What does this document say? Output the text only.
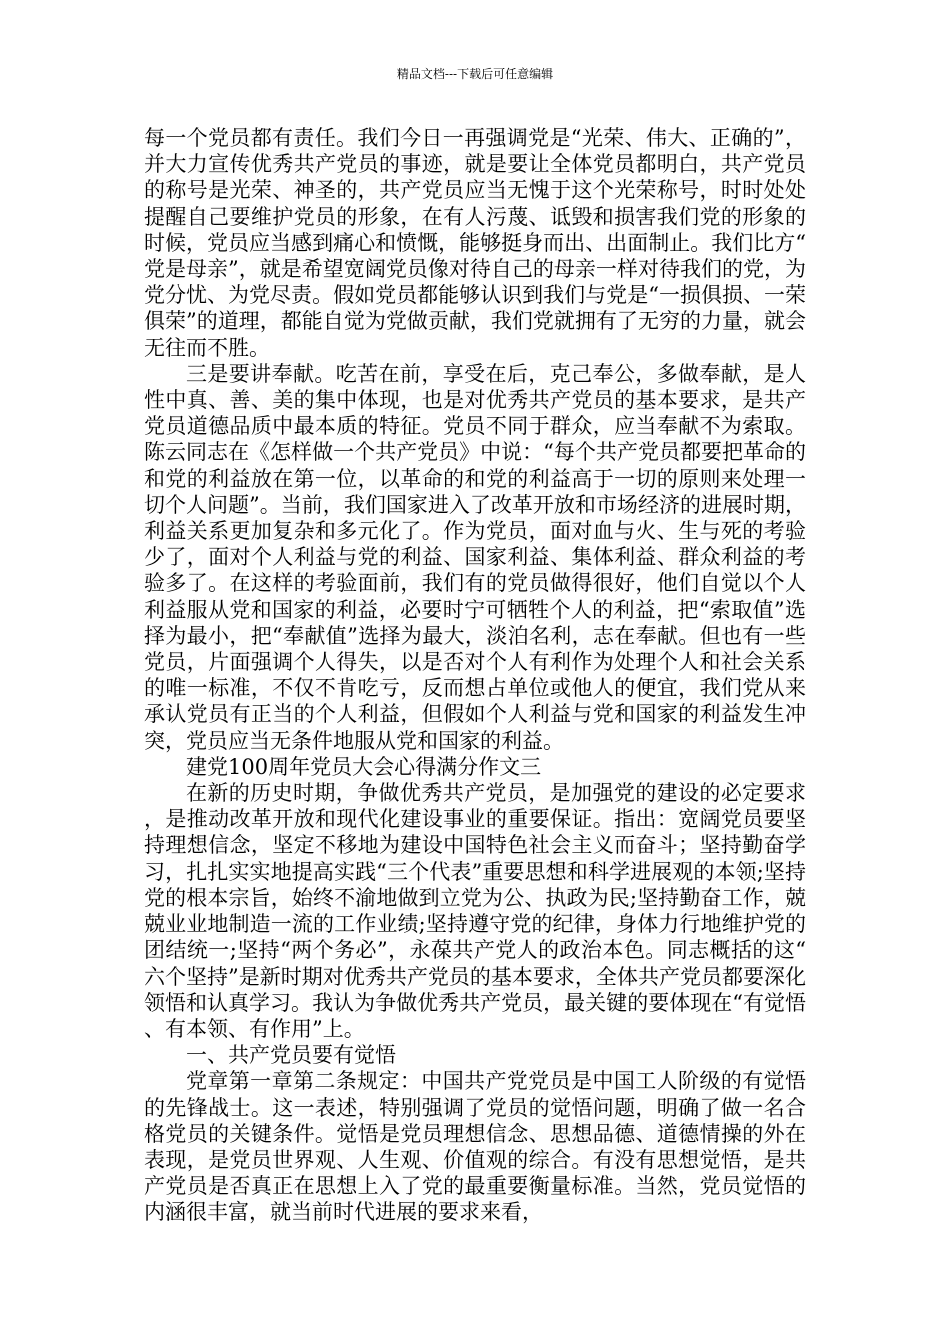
精品文档---下载后可任意编辑

每一个党员都有责任。我们今日一再强调党是“光荣、伟大、正确的”，并大力宣传优秀共产党员的事迹，就是要让全体党员都明白，共产党员的称号是光荣、神圣的，共产党员应当无愧于这个光荣称号，时时处处提醒自己要维护党员的形象，在有人污蔑、诋毁和损害我们党的形象的时候，党员应当感到痛心和愤慨，能够挺身而出、出面制止。我们比方“党是母亲”，就是希望宽阔党员像对待自己的母亲一样对待我们的党，为党分忧、为党尽责。假如党员都能够认识到我们与党是“一损俱损、一荣俱荣”的道理，都能自觉为党做贡献，我们党就拥有了无穷的力量，就会无往而不胜。

三是要讲奉献。吃苦在前，享受在后，克己奉公，多做奉献，是人性中真、善、美的集中体现，也是对优秀共产党员的基本要求，是共产党员道德品质中最本质的特征。党员不同于群众，应当奉献不为索取。陈云同志在《怎样做一个共产党员》中说：“每个共产党员都要把革命的和党的利益放在第一位，以革命的和党的利益高于一切的原则来处理一切个人问题”。当前，我们国家进入了改革开放和市场经济的进展时期，利益关系更加复杂和多元化了。作为党员，面对血与火、生与死的考验少了，面对个人利益与党的利益、国家利益、集体利益、群众利益的考验多了。在这样的考验面前，我们有的党员做得很好，他们自觉以个人利益服从党和国家的利益，必要时宁可牺牲个人的利益，把“索取值”选择为最小，把“奉献值”选择为最大，淡泊名利，志在奉献。但也有一些党员，片面强调个人得失，以是否对个人有利作为处理个人和社会关系的唯一标准，不仅不肯吃亏，反而想占单位或他人的便宜，我们党从来承认党员有正当的个人利益，但假如个人利益与党和国家的利益发生冲突，党员应当无条件地服从党和国家的利益。

建党100周年党员大会心得满分作文三

在新的历史时期，争做优秀共产党员，是加强党的建设的必定要求，是推动改革开放和现代化建设事业的重要保证。指出：宽阔党员要坚持理想信念，坚定不移地为建设中国特色社会主义而奋斗；坚持勤奋学习，扎扎实实地提高实践“三个代表”重要思想和科学进展观的本领;坚持党的根本宗旨，始终不渝地做到立党为公、执政为民;坚持勤奋工作，兢兢业业地制造一流的工作业绩;坚持遵守党的纪律，身体力行地维护党的团结统一;坚持“两个务必”，永葆共产党人的政治本色。同志概括的这“六个坚持”是新时期对优秀共产党员的基本要求，全体共产党员都要深化领悟和认真学习。我认为争做优秀共产党员，最关键的要体现在“有觉悟、有本领、有作用”上。

一、共产党员要有觉悟

党章第一章第二条规定：中国共产党党员是中国工人阶级的有觉悟的先锋战士。这一表述，特别强调了党员的觉悟问题，明确了做一名合格党员的关键条件。觉悟是党员理想信念、思想品德、道德情操的外在表现，是党员世界观、人生观、价值观的综合。有没有思想觉悟，是共产党员是否真正在思想上入了党的最重要衡量标准。当然，党员觉悟的内涵很丰富，就当前时代进展的要求来看，
